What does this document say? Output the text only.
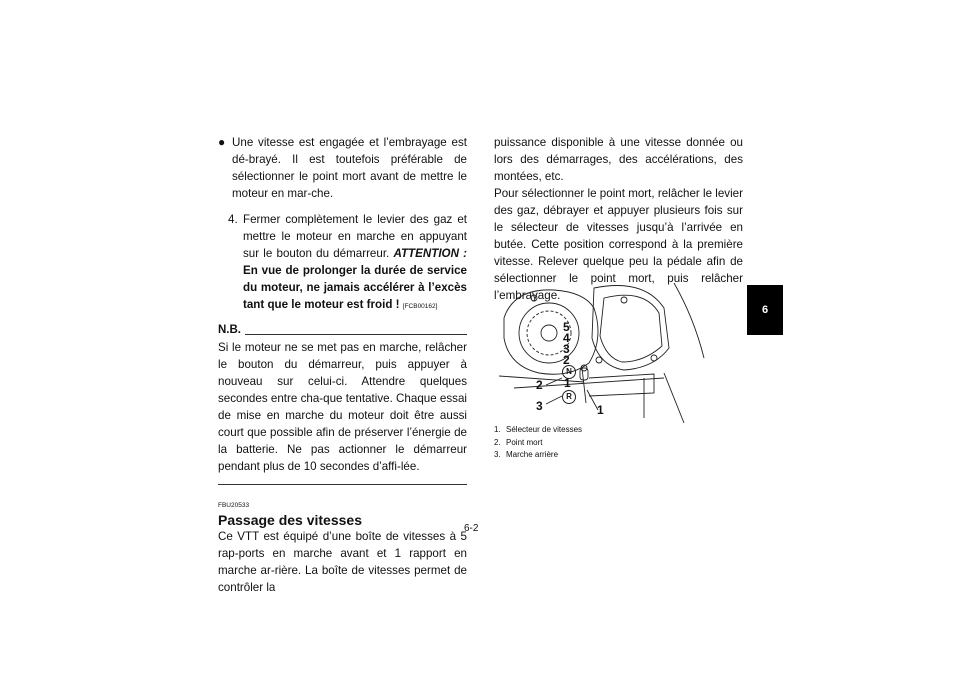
● Une vitesse est engagée et l’embrayage est dé-brayé. Il est toutefois préférable de sélectionner le point mort avant de mettre le moteur en mar-che.
4. Fermer complètement le levier des gaz et mettre le moteur en marche en appuyant sur le bouton du démarreur. ATTENTION : En vue de prolonger la durée de service du moteur, ne jamais accélérer à l’excès tant que le moteur est froid ! [FCB00162]
N.B.
Si le moteur ne se met pas en marche, relâcher le bouton du démarreur, puis appuyer à nouveau sur celui-ci. Attendre quelques secondes entre cha-que tentative. Chaque essai de mise en marche du moteur doit être aussi court que possible afin de préserver l’énergie de la batterie. Ne pas actionner le démarreur pendant plus de 10 secondes d’affi-lée.
FBU20533
Passage des vitesses
Ce VTT est équipé d’une boîte de vitesses à 5 rap-ports en marche avant et 1 rapport en marche ar-rière. La boîte de vitesses permet de contrôler la
puissance disponible à une vitesse donnée ou lors des démarrages, des accélérations, des montées, etc.
Pour sélectionner le point mort, relâcher le levier des gaz, débrayer et appuyer plusieurs fois sur le sélecteur de vitesses jusqu’à l’arrivée en butée. Cette position correspond à la première vitesse. Relever quelque peu la pédale afin de sélectionner le point mort, puis relâcher l’embrayage.
5
4
3
2
N
1
R
1
2
3
1. Sélecteur de vitesses
2. Point mort
3. Marche arrière
6-2
6
